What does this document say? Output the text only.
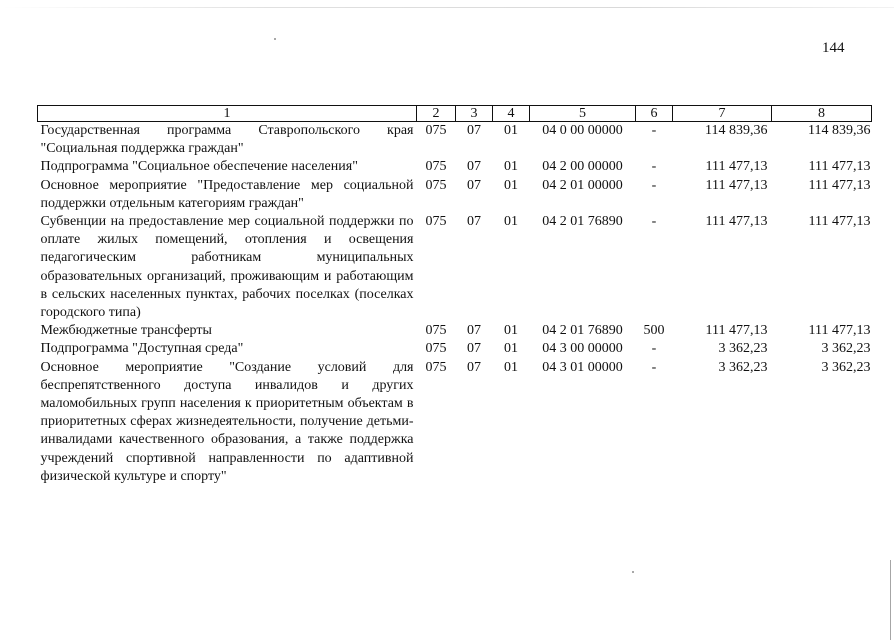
144
1	2	3	4	5	6	7	8
Государственная программа Ставропольского края "Социальная поддержка граждан"	075	07	01	04 0 00 00000	-	114 839,36	114 839,36
Подпрограмма "Социальное обеспечение населения"	075	07	01	04 2 00 00000	-	111 477,13	111 477,13
Основное мероприятие "Предоставление мер социальной поддержки отдельным категориям граждан"	075	07	01	04 2 01 00000	-	111 477,13	111 477,13
Субвенции на предоставление мер социальной поддержки по оплате жилых помещений, отопления и освещения педагогическим работникам муниципальных образовательных организаций, проживающим и работающим в сельских населенных пунктах, рабочих поселках (поселках городского типа)	075	07	01	04 2 01 76890	-	111 477,13	111 477,13
Межбюджетные трансферты	075	07	01	04 2 01 76890	500	111 477,13	111 477,13
Подпрограмма "Доступная среда"	075	07	01	04 3 00 00000	-	3 362,23	3 362,23
Основное мероприятие "Создание условий для беспрепятственного доступа инвалидов и других маломобильных групп населения к приоритетным объектам в приоритетных сферах жизнедеятельности, получение детьми-инвалидами качественного образования, а также поддержка учреждений спортивной направленности по адаптивной физической культуре и спорту"	075	07	01	04 3 01 00000	-	3 362,23	3 362,23
